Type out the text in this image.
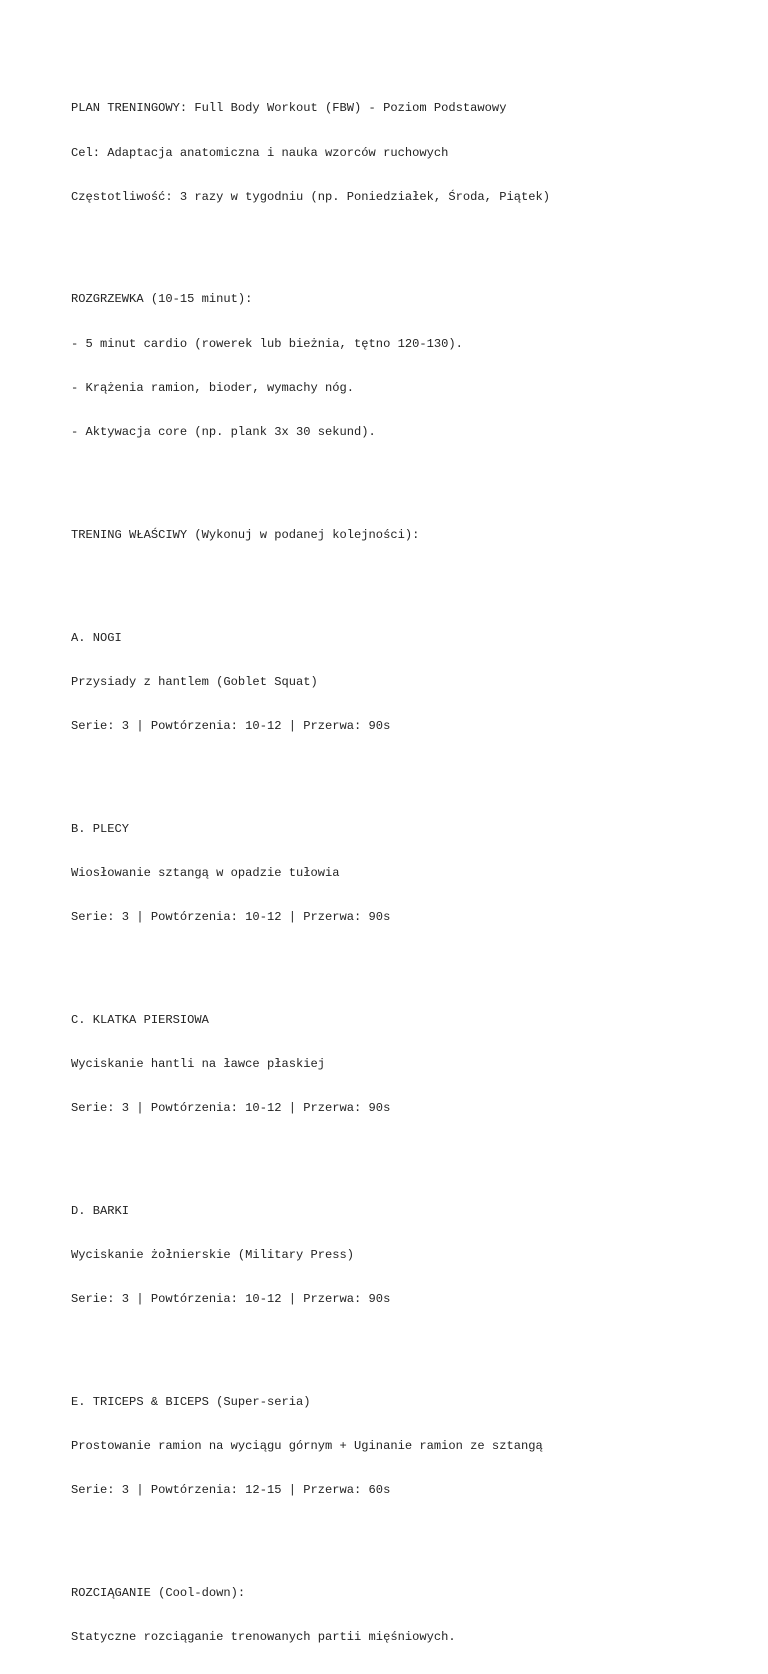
PLAN TRENINGOWY: Full Body Workout (FBW) - Poziom Podstawowy

Cel: Adaptacja anatomiczna i nauka wzorców ruchowych

Częstotliwość: 3 razy w tygodniu (np. Poniedziałek, Środa, Piątek)

ROZGRZEWKA (10-15 minut):

- 5 minut cardio (rowerek lub bieżnia, tętno 120-130).

- Krążenia ramion, bioder, wymachy nóg.

- Aktywacja core (np. plank 3x 30 sekund).

TRENING WŁAŚCIWY (Wykonuj w podanej kolejności):

A. NOGI

Przysiady z hantlem (Goblet Squat)

Serie: 3 | Powtórzenia: 10-12 | Przerwa: 90s

B. PLECY

Wiosłowanie sztangą w opadzie tułowia

Serie: 3 | Powtórzenia: 10-12 | Przerwa: 90s

C. KLATKA PIERSIOWA

Wyciskanie hantli na ławce płaskiej

Serie: 3 | Powtórzenia: 10-12 | Przerwa: 90s

D. BARKI

Wyciskanie żołnierskie (Military Press)

Serie: 3 | Powtórzenia: 10-12 | Przerwa: 90s

E. TRICEPS & BICEPS (Super-seria)

Prostowanie ramion na wyciągu górnym + Uginanie ramion ze sztangą

Serie: 3 | Powtórzenia: 12-15 | Przerwa: 60s

ROZCIĄGANIE (Cool-down):

Statyczne rozciąganie trenowanych partii mięśniowych.
